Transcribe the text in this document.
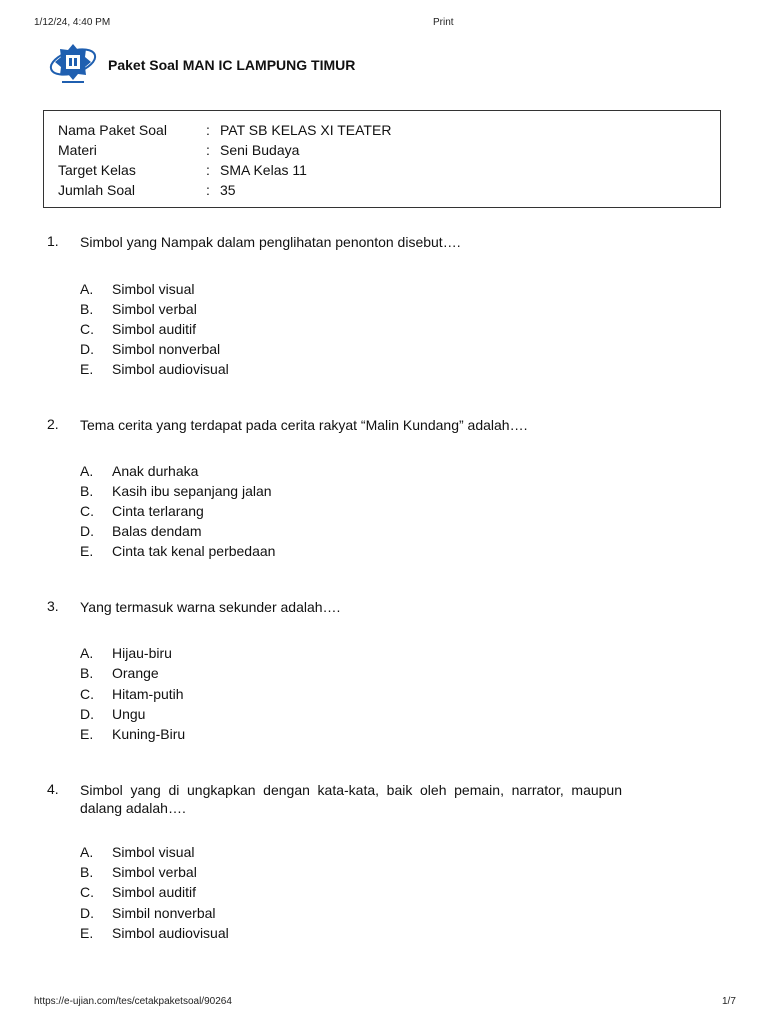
1/12/24, 4:40 PM	Print
Paket Soal MAN IC LAMPUNG TIMUR
Nama Paket Soal	: PAT SB KELAS XI TEATER
Materi	: Seni Budaya
Target Kelas	: SMA Kelas 11
Jumlah Soal	: 35
1. Simbol yang Nampak dalam penglihatan penonton disebut….
A. Simbol visual
B. Simbol verbal
C. Simbol auditif
D. Simbol nonverbal
E. Simbol audiovisual
2. Tema cerita yang terdapat pada cerita rakyat “Malin Kundang” adalah….
A. Anak durhaka
B. Kasih ibu sepanjang jalan
C. Cinta terlarang
D. Balas dendam
E. Cinta tak kenal perbedaan
3. Yang termasuk warna sekunder adalah….
A. Hijau-biru
B. Orange
C. Hitam-putih
D. Ungu
E. Kuning-Biru
4. Simbol yang di ungkapkan dengan kata-kata, baik oleh pemain, narrator, maupun dalang adalah….
A. Simbol visual
B. Simbol verbal
C. Simbol auditif
D. Simbil nonverbal
E. Simbol audiovisual
https://e-ujian.com/tes/cetakpaketsoal/90264	1/7
